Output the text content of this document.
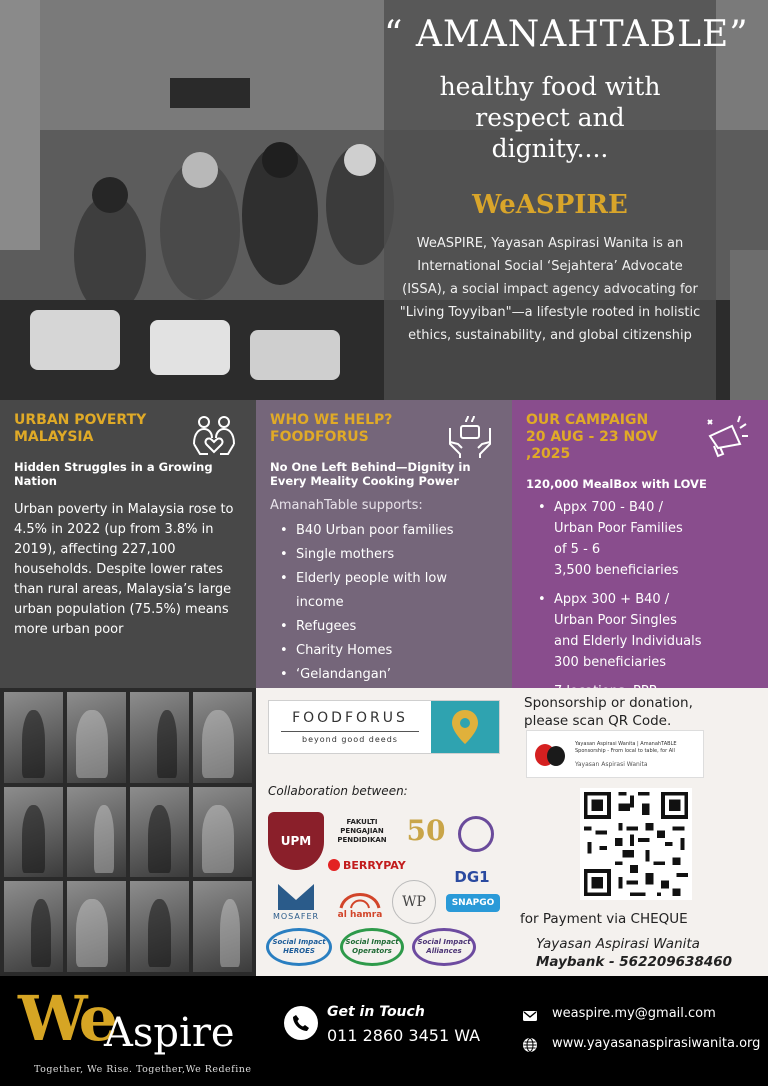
“ AMANAHTABLE”
healthy food with
respect and
dignity....
WeASPIRE
WeASPIRE, Yayasan Aspirasi Wanita is an International Social ‘Sejahtera’ Advocate (ISSA), a social impact agency advocating for "Living Toyyiban"—a lifestyle rooted in holistic ethics, sustainability, and global citizenship
URBAN POVERTY MALAYSIA
Hidden Struggles in a Growing Nation
Urban poverty in Malaysia rose to 4.5% in 2022 (up from 3.8% in 2019), affecting 227,100 households. Despite lower rates than rural areas, Malaysia’s large urban population (75.5%) means more urban poor
WHO WE HELP? FOODFORUS
No One Left Behind—Dignity in Every Meality Cooking Power
AmanahTable supports:
• B40 Urban poor families
• Single mothers
• Elderly people with low income
• Refugees
• Charity Homes
• ‘Gelandangan’
OUR CAMPAIGN
20 AUG - 23 NOV ,2025
120,000 MealBox with LOVE
• Appx 700 - B40 /
Urban Poor Families
of 5 - 6
3,500 beneficiaries
• Appx 300 + B40 /
Urban Poor Singles
and Elderly Individuals
300 beneficiaries
•
FOODFORUS
beyond good deeds
Collaboration between:
UPM
FAKULTI PENGAJIAN PENDIDIKAN 50
BERRYPAY
DG1
MOSAFER al hamra
WP	SNAPGO
Social Impact HEROES
Social Impact Operators
Social Impact Alliances
Sponsorship or donation,
please scan QR Code.
Yayasan Aspirasi Wanita | AmanahTABLE Sponsorship - From local to table, for All
Yayasan Aspirasi Wanita
for Payment via CHEQUE
Yayasan Aspirasi Wanita
Maybank - 562209638460
We
Aspire
Together, We Rise. Together,We Redefine
Get in Touch
011 2860 3451 WA
weaspire.my@gmail.com
www.yayasanaspirasiwanita.org
